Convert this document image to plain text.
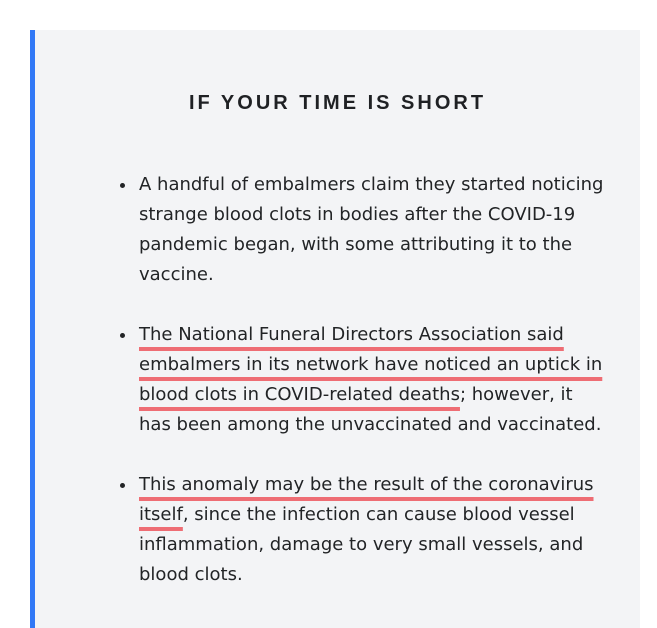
IF YOUR TIME IS SHORT
• A handful of embalmers claim they started noticing strange blood clots in bodies after the COVID-19 pandemic began, with some attributing it to the vaccine.
• The National Funeral Directors Association said embalmers in its network have noticed an uptick in blood clots in COVID-related deaths; however, it has been among the unvaccinated and vaccinated.
• This anomaly may be the result of the coronavirus itself, since the infection can cause blood vessel inflammation, damage to very small vessels, and blood clots.
